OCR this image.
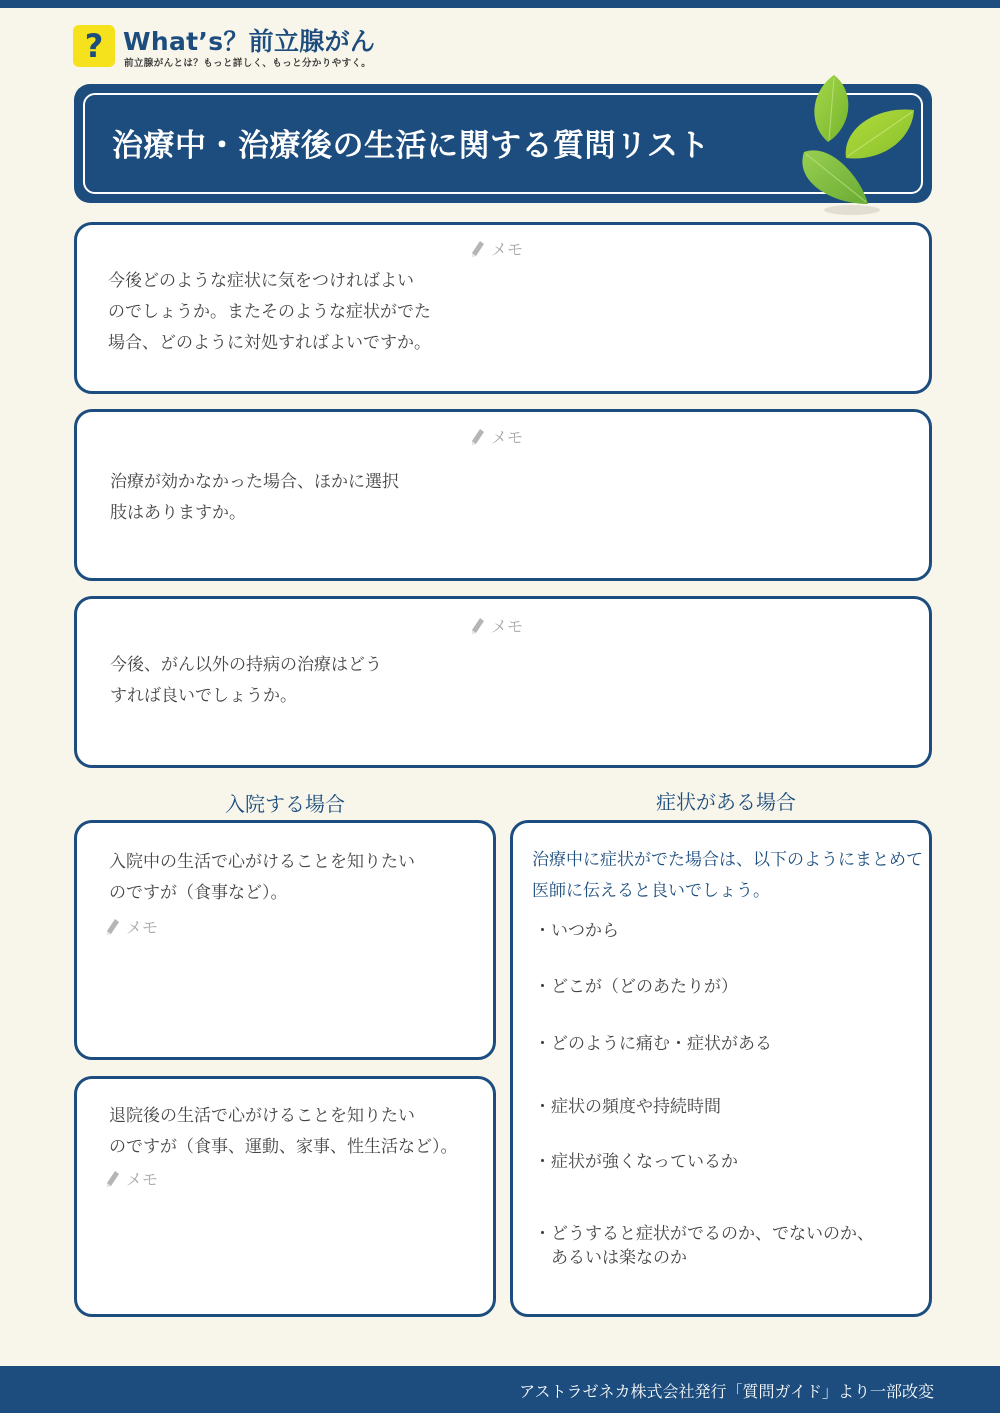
? What’s？前立腺がん
前立腺がんとは？もっと詳しく、もっと分かりやすく。
治療中・治療後の生活に関する質問リスト
メモ
今後どのような症状に気をつければよい
のでしょうか。またそのような症状がでた
場合、どのように対処すればよいですか。
メモ
治療が効かなかった場合、ほかに選択
肢はありますか。
メモ
今後、がん以外の持病の治療はどう
すれば良いでしょうか。
入院する場合	症状がある場合
入院中の生活で心がけることを知りたい
のですが（食事など）。
メモ
退院後の生活で心がけることを知りたい
のですが（食事、運動、家事、性生活など）。
メモ
治療中に症状がでた場合は、以下のようにまとめて
医師に伝えると良いでしょう。
・いつから
・どこが（どのあたりが）
・どのように痛む・症状がある
・症状の頻度や持続時間
・症状が強くなっているか
・どうすると症状がでるのか、でないのか、
　あるいは楽なのか
アストラゼネカ株式会社発行「質問ガイド」より一部改変
